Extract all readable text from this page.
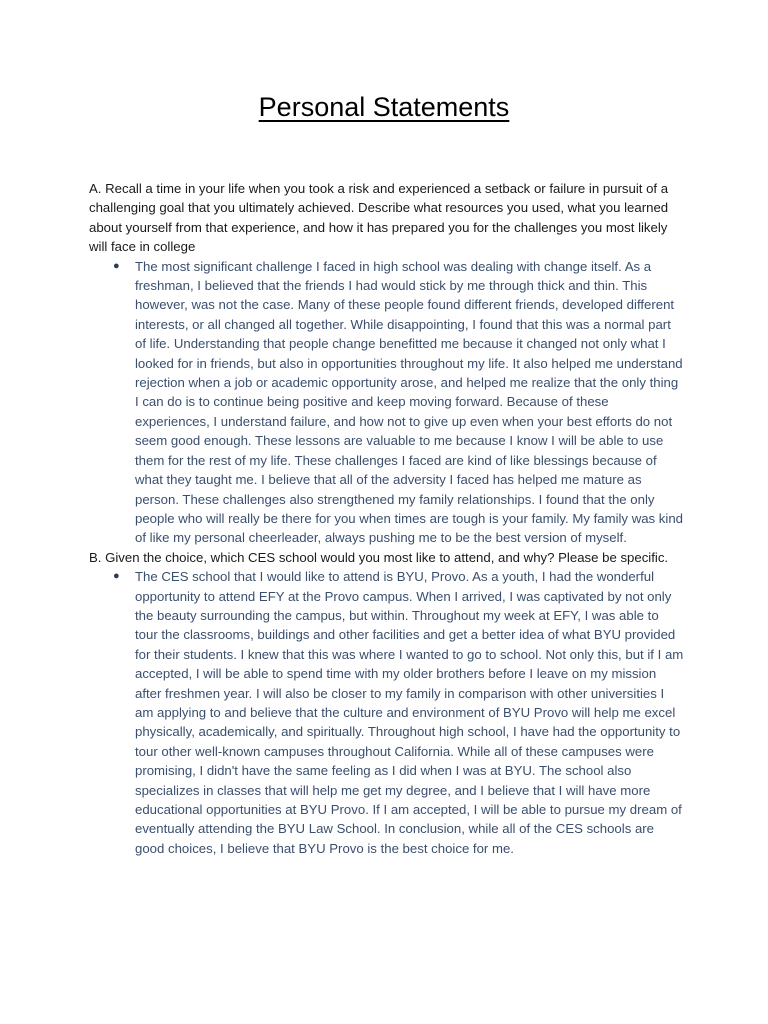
Personal Statements

A. Recall a time in your life when you took a risk and experienced a setback or failure in pursuit of a challenging goal that you ultimately achieved. Describe what resources you used, what you learned about yourself from that experience, and how it has prepared you for the challenges you most likely will face in college

● The most significant challenge I faced in high school was dealing with change itself. As a freshman, I believed that the friends I had would stick by me through thick and thin. This however, was not the case. Many of these people found different friends, developed different interests, or all changed all together. While disappointing, I found that this was a normal part of life. Understanding that people change benefitted me because it changed not only what I looked for in friends, but also in opportunities throughout my life. It also helped me understand rejection when a job or academic opportunity arose, and helped me realize that the only thing I can do is to continue being positive and keep moving forward. Because of these experiences, I understand failure, and how not to give up even when your best efforts do not seem good enough. These lessons are valuable to me because I know I will be able to use them for the rest of my life. These challenges I faced are kind of like blessings because of what they taught me. I believe that all of the adversity I faced has helped me mature as person. These challenges also strengthened my family relationships. I found that the only people who will really be there for you when times are tough is your family. My family was kind of like my personal cheerleader, always pushing me to be the best version of myself.

B. Given the choice, which CES school would you most like to attend, and why? Please be specific.

● The CES school that I would like to attend is BYU, Provo. As a youth, I had the wonderful opportunity to attend EFY at the Provo campus. When I arrived, I was captivated by not only the beauty surrounding the campus, but within. Throughout my week at EFY, I was able to tour the classrooms, buildings and other facilities and get a better idea of what BYU provided for their students. I knew that this was where I wanted to go to school. Not only this, but if I am accepted, I will be able to spend time with my older brothers before I leave on my mission after freshmen year. I will also be closer to my family in comparison with other universities I am applying to and believe that the culture and environment of BYU Provo will help me excel physically, academically, and spiritually. Throughout high school, I have had the opportunity to tour other well-known campuses throughout California. While all of these campuses were promising, I didn't have the same feeling as I did when I was at BYU. The school also specializes in classes that will help me get my degree, and I believe that I will have more educational opportunities at BYU Provo. If I am accepted, I will be able to pursue my dream of eventually attending the BYU Law School. In conclusion, while all of the CES schools are good choices, I believe that BYU Provo is the best choice for me.
